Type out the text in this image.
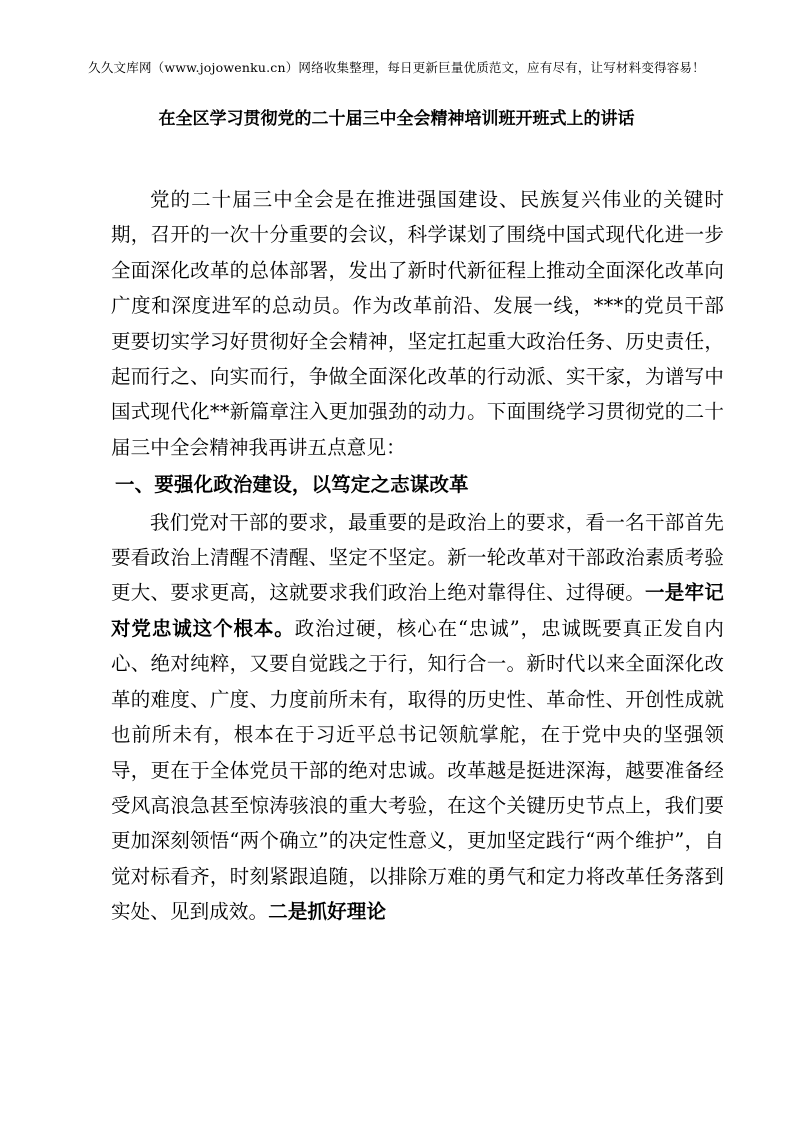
久久文库网（www.jojowenku.cn）网络收集整理，每日更新巨量优质范文，应有尽有，让写材料变得容易！
在全区学习贯彻党的二十届三中全会精神培训班开班式上的讲话

党的二十届三中全会是在推进强国建设、民族复兴伟业的关键时期，召开的一次十分重要的会议，科学谋划了围绕中国式现代化进一步全面深化改革的总体部署，发出了新时代新征程上推动全面深化改革向广度和深度进军的总动员。作为改革前沿、发展一线，***的党员干部更要切实学习好贯彻好全会精神，坚定扛起重大政治任务、历史责任，起而行之、向实而行，争做全面深化改革的行动派、实干家，为谱写中国式现代化**新篇章注入更加强劲的动力。下面围绕学习贯彻党的二十届三中全会精神我再讲五点意见：

一、要强化政治建设，以笃定之志谋改革

我们党对干部的要求，最重要的是政治上的要求，看一名干部首先要看政治上清醒不清醒、坚定不坚定。新一轮改革对干部政治素质考验更大、要求更高，这就要求我们政治上绝对靠得住、过得硬。一是牢记对党忠诚这个根本。政治过硬，核心在“忠诚”，忠诚既要真正发自内心、绝对纯粹，又要自觉践之于行，知行合一。新时代以来全面深化改革的难度、广度、力度前所未有，取得的历史性、革命性、开创性成就也前所未有，根本在于习近平总书记领航掌舵，在于党中央的坚强领导，更在于全体党员干部的绝对忠诚。改革越是挺进深海，越要准备经受风高浪急甚至惊涛骇浪的重大考验，在这个关键历史节点上，我们要更加深刻领悟“两个确立”的决定性意义，更加坚定践行“两个维护”，自觉对标看齐，时刻紧跟追随，以排除万难的勇气和定力将改革任务落到实处、见到成效。二是抓好理论
